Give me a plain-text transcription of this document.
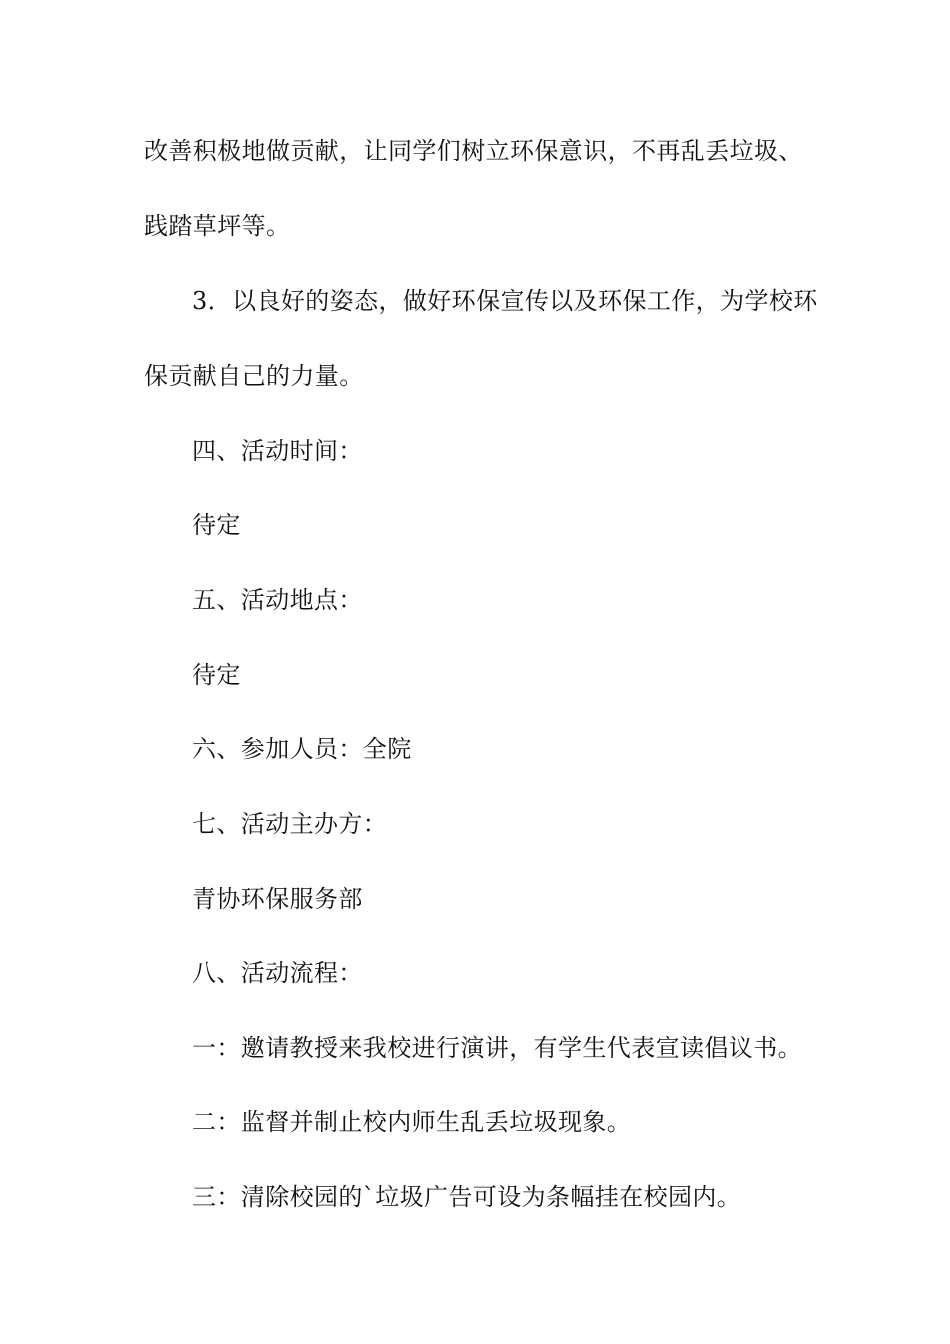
改善积极地做贡献，让同学们树立环保意识，不再乱丢垃圾、
践踏草坪等。
3．以良好的姿态，做好环保宣传以及环保工作，为学校环
保贡献自己的力量。
四、活动时间：
待定
五、活动地点：
待定
六、参加人员：全院
七、活动主办方：
青协环保服务部
八、活动流程：
一：邀请教授来我校进行演讲，有学生代表宣读倡议书。
二：监督并制止校内师生乱丢垃圾现象。
三：清除校园的`垃圾广告可设为条幅挂在校园内。
